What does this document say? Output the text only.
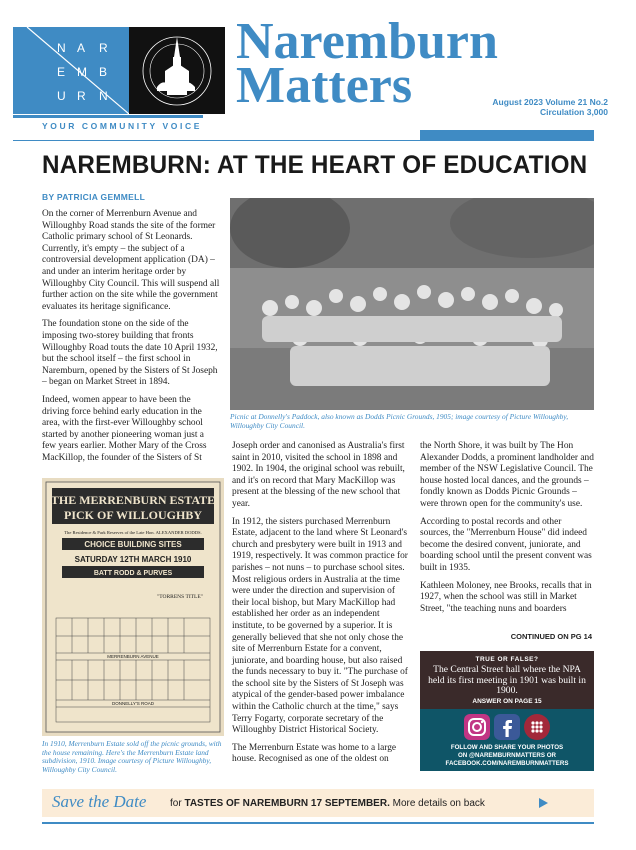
N A R
E M B
U R N
Naremburn
Matters	August 2023 Volume 21 No.2
Circulation 3,000
YOUR COMMUNITY VOICE
NAREMBURN: AT THE HEART OF EDUCATION
BY PATRICIA GEMMELL

On the corner of Merrenburn Avenue and Willoughby Road stands the site of the former Catholic primary school of St Leonards. Currently, it's empty – the subject of a controversial development application (DA) – and under an interim heritage order by Willoughby City Council. This will suspend all further action on the site while the government evaluates its heritage significance.

The foundation stone on the side of the imposing two-storey building that fronts Willoughby Road touts the date 10 April 1932, but the school itself – the first school in Naremburn, opened by the Sisters of St Joseph – began on Market Street in 1894.

Indeed, women appear to have been the driving force behind early education in the area, with the first-ever Willoughby school started by another pioneering woman just a few years earlier. Mother Mary of the Cross MacKillop, the founder of the Sisters of St

Picnic at Donnelly's Paddock, also known as Dodds Picnic Grounds, 1905; image courtesy of Picture Willoughby, Willoughby City Council.

Joseph order and canonised as Australia's first saint in 2010, visited the school in 1898 and 1902. In 1904, the original school was rebuilt, and it's on record that Mary MacKillop was present at the blessing of the new school that year.

In 1912, the sisters purchased Merrenburn Estate, adjacent to the land where St Leonard's church and presbytery were built in 1913 and 1919, respectively. It was common practice for parishes – not nuns – to purchase school sites. Most religious orders in Australia at the time were under the direction and supervision of their local bishop, but Mary MacKillop had established her order as an independent institute, to be governed by a superior. It is generally believed that she not only chose the site of Merrenburn Estate for a convent, juniorate, and boarding house, but also raised the funds necessary to buy it. "The purchase of the school site by the Sisters of St Joseph was atypical of the gender-based power imbalance within the Catholic church at the time," says Terry Fogarty, corporate secretary of the Willoughby District Historical Society.

The Merrenburn Estate was home to a large house. Recognised as one of the oldest on

the North Shore, it was built by The Hon Alexander Dodds, a prominent landholder and member of the NSW Legislative Council. The house hosted local dances, and the grounds – fondly known as Dodds Picnic Grounds – were thrown open for the community's use.

According to postal records and other sources, the "Merrenburn House" did indeed become the desired convent, juniorate, and boarding school until the present convent was built in 1935.

Kathleen Moloney, nee Brooks, recalls that in 1927, when the school was still in Market Street, "the teaching nuns and boarders

CONTINUED ON PG 14
THE MERRENBURN ESTATE
PICK OF WILLOUGHBY
The Residence & Park Reserves of the Late Hon. ALEXANDER DODDS.
CHOICE BUILDING SITES
SATURDAY 12TH MARCH 1910
BATT RODD & PURVES
"TORRENS TITLE"
MERRENBURN AVENUE
DONNELLY'S ROAD
In 1910, Merrenburn Estate sold off the picnic grounds, with the house remaining. Here's the Merrenburn Estate land subdivision, 1910. Image courtesy of Picture Willoughby, Willoughby City Council.
TRUE OR FALSE?
The Central Street hall where the NPA held its first meeting in 1901 was built in 1900.
ANSWER ON PAGE 15
FOLLOW AND SHARE YOUR PHOTOS
ON @NAREMBURNMATTERS OR
FACEBOOK.COM/NAREMBURNMATTERS
Save the Date for TASTES OF NAREMBURN 17 SEPTEMBER. More details on back
